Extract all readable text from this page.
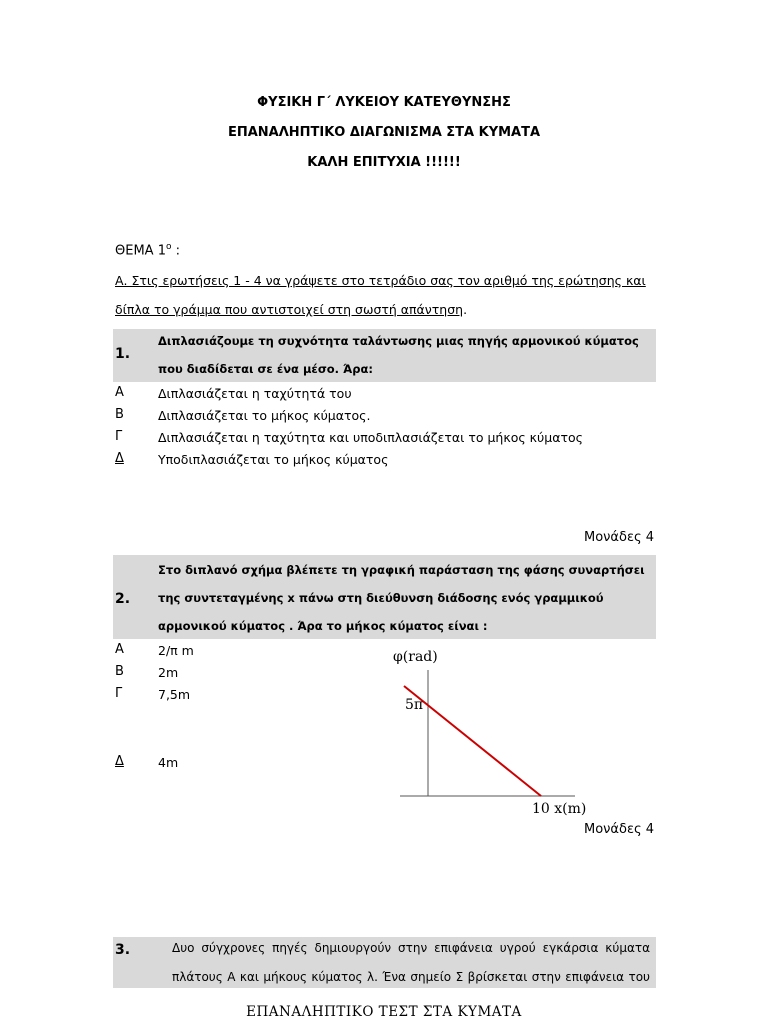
ΦΥΣΙΚΗ Γ΄ ΛΥΚΕΙΟΥ ΚΑΤΕΥΘΥΝΣΗΣ
ΕΠΑΝΑΛΗΠΤΙΚΟ ΔΙΑΓΩΝΙΣΜΑ ΣΤΑ ΚΥΜΑΤΑ
ΚΑΛΗ ΕΠΙΤΥΧΙΑ !!!!!!
ΘΕΜΑ $1^o$ :
Α. Στις ερωτήσεις 1 - 4 να γράψετε στο τετράδιο σας τον αριθμό της ερώτησης και
δίπλα το γράμμα που αντιστοιχεί στη σωστή απάντηση.
1.
Διπλασιάζουμε τη συχνότητα ταλάντωσης μιας πηγής αρμονικού κύματος
που διαδίδεται σε ένα μέσο. Άρα:
Α	Διπλασιάζεται η ταχύτητά του
Β	Διπλασιάζεται το μήκος κύματος.
Γ	Διπλασιάζεται η ταχύτητα και υποδιπλασιάζεται το μήκος κύματος
Δ	Υποδιπλασιάζεται το μήκος κύματος
Μονάδες 4
2.
Στο διπλανό σχήμα βλέπετε τη γραφική παράσταση της φάσης συναρτήσει
της συντεταγμένης x πάνω στη διεύθυνση διάδοσης ενός γραμμικού
αρμονικού κύματος . Άρα το μήκος κύματος είναι :
Α	2/π m
Β	2m
Γ	7,5m
Δ	4m
φ(rad)
5π
10 x(m)
Μονάδες 4
3.	Δυο σύγχρονες πηγές δημιουργούν στην επιφάνεια υγρού εγκάρσια κύματα
πλάτους Α και μήκους κύματος λ. Ένα σημείο Σ βρίσκεται στην επιφάνεια του
ΕΠΑΝΑΛΗΠΤΙΚΟ ΤΕΣΤ ΣΤΑ ΚΥΜΑΤΑ
